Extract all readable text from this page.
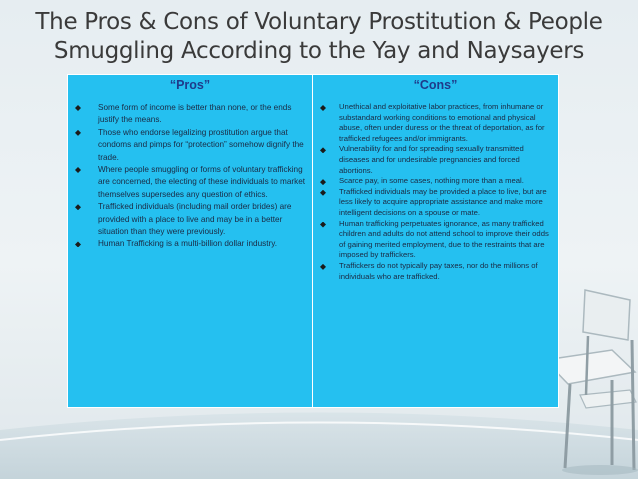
The Pros & Cons of Voluntary Prostitution & People
Smuggling According to the Yay and Naysayers
“Pros”
Some form of income is better than none, or the ends justify the means.
Those who endorse legalizing prostitution argue that condoms and pimps for “protection” somehow dignify the trade.
Where people smuggling or forms of voluntary trafficking are concerned, the electing of these individuals to market themselves supersedes any question of ethics.
Trafficked individuals (including mail order brides) are provided with a place to live and may be in a better situation than they were previously.
Human Trafficking is a multi-billion dollar industry.
“Cons”
Unethical and exploitative labor practices, from inhumane or substandard working conditions to emotional and physical abuse, often under duress or the threat of deportation, as for trafficked refugees and/or immigrants.
Vulnerability for and for spreading sexually transmitted diseases and for undesirable pregnancies and forced abortions.
Scarce pay, in some cases, nothing more than a meal.
Trafficked individuals may be provided a place to live, but are less likely to acquire appropriate assistance and make more intelligent decisions on a spouse or mate.
Human trafficking perpetuates ignorance, as many trafficked children and adults do not attend school to improve their odds of gaining merited employment, due to the restraints that are imposed by traffickers.
Traffickers do not typically pay taxes, nor do the millions of individuals who are trafficked.
